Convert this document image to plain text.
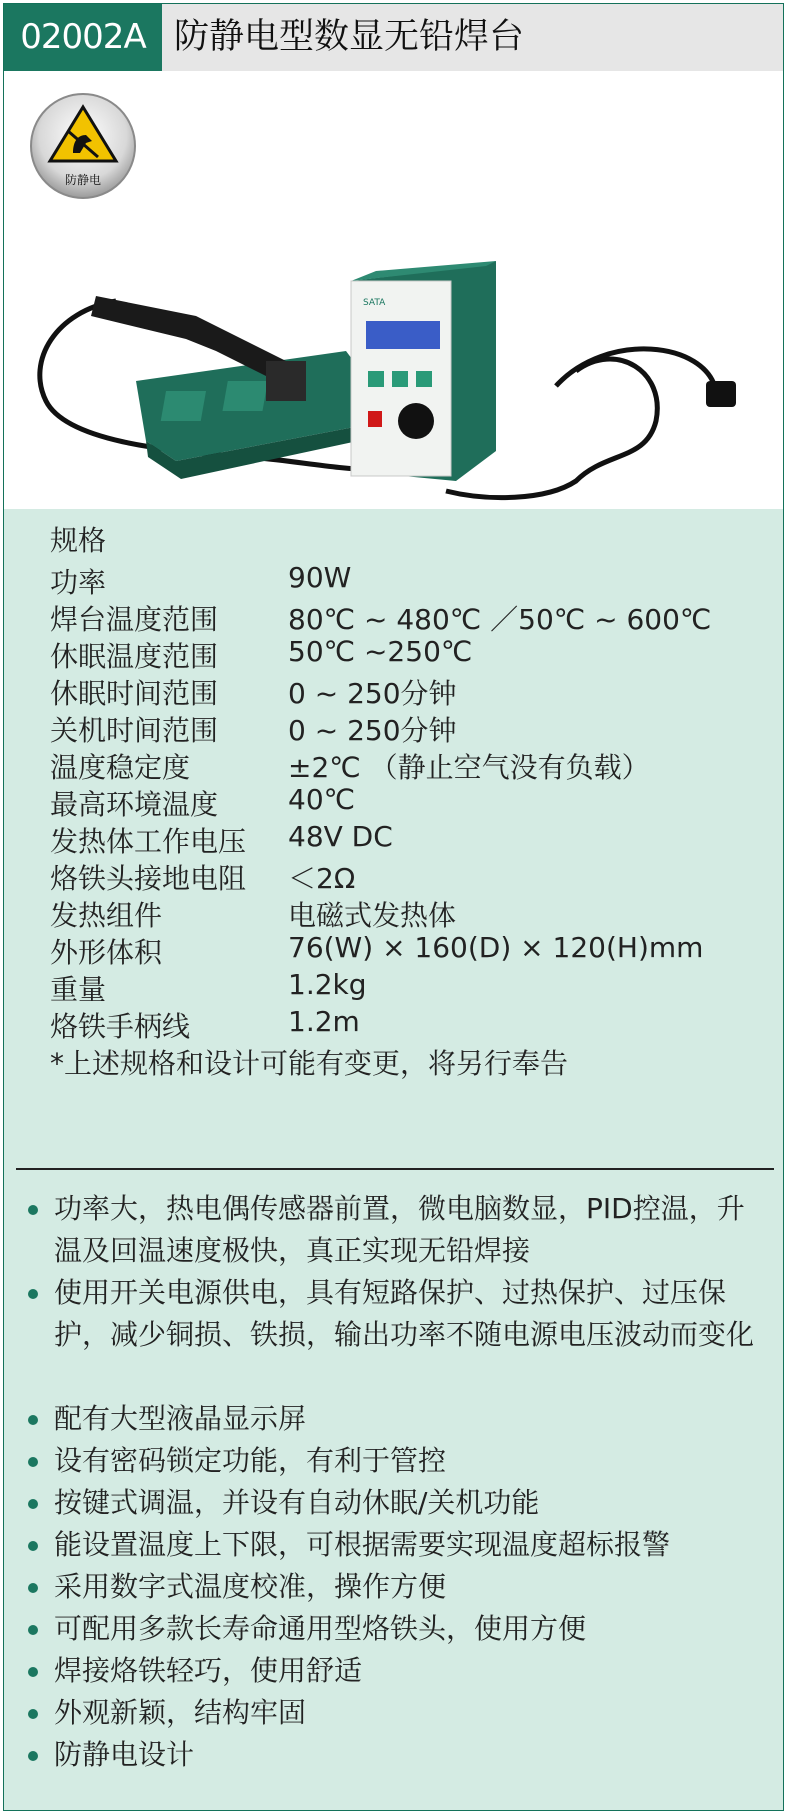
02002A 防静电型数显无铅焊台
防静电
SATA
规格
功率	90W
焊台温度范围 80℃ ~ 480℃ ／50℃ ~ 600℃
休眠温度范围 50℃ ~250℃
休眠时间范围 0 ~ 250分钟
关机时间范围 0 ~ 250分钟
温度稳定度	±2℃ （静止空气没有负载）
最高环境温度 40℃
发热体工作电压 48V DC
烙铁头接地电阻 ＜2Ω
发热组件	电磁式发热体
外形体积	76(W) × 160(D) × 120(H)mm
重量	1.2kg
烙铁手柄线	1.2m
*上述规格和设计可能有变更，将另行奉告
功率大，热电偶传感器前置，微电脑数显，PID控温，升温及回温速度极快，真正实现无铅焊接
使用开关电源供电，具有短路保护、过热保护、过压保护，减少铜损、铁损，输出功率不随电源电压波动而变化
配有大型液晶显示屏
设有密码锁定功能，有利于管控
按键式调温，并设有自动休眠/关机功能
能设置温度上下限，可根据需要实现温度超标报警
采用数字式温度校准，操作方便
可配用多款长寿命通用型烙铁头，使用方便
焊接烙铁轻巧，使用舒适
外观新颖，结构牢固
防静电设计
